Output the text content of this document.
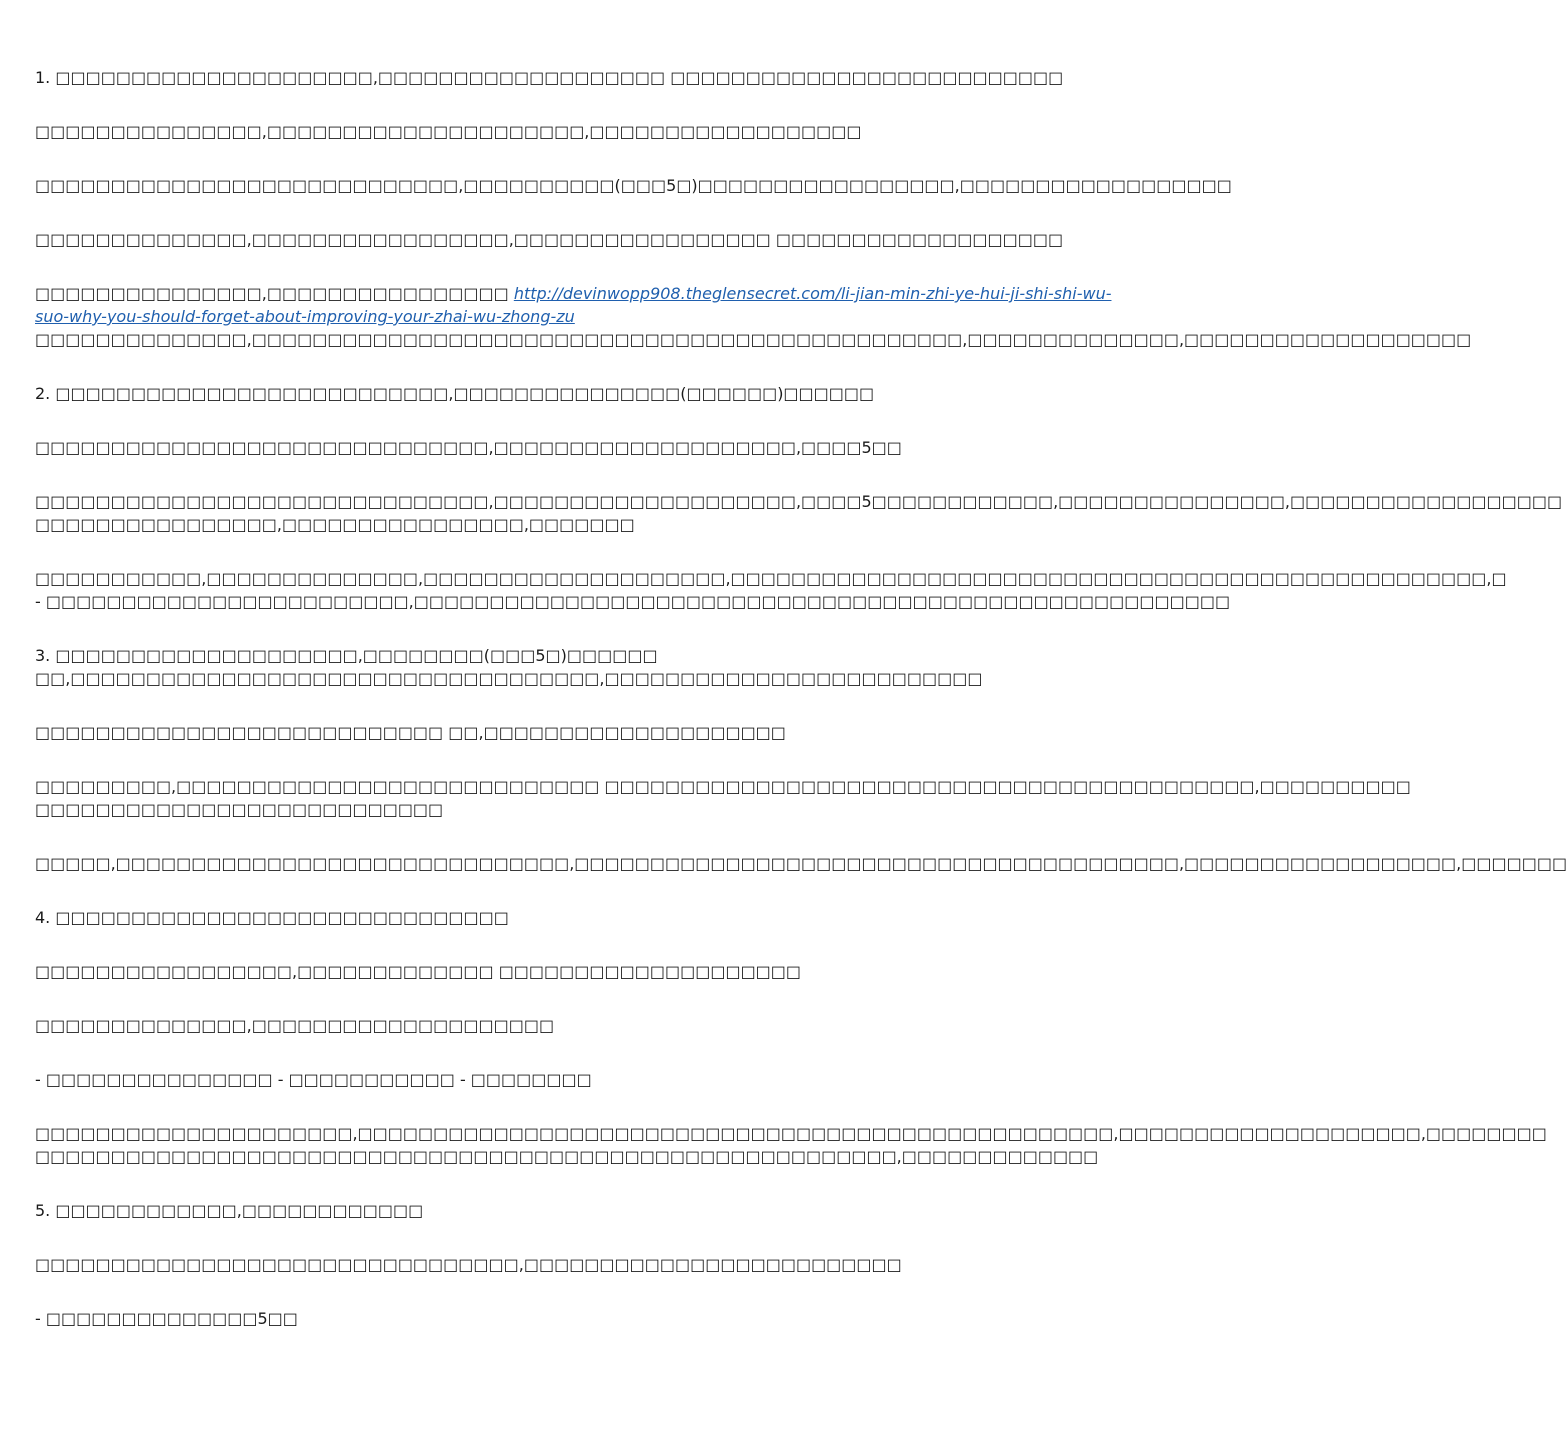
1. □□□□□□□□□□□□□□□□□□□□□,□□□□□□□□□□□□□□□□□□□ □□□□□□□□□□□□□□□□□□□□□□□□□□

□□□□□□□□□□□□□□□,□□□□□□□□□□□□□□□□□□□□□,□□□□□□□□□□□□□□□□□□

□□□□□□□□□□□□□□□□□□□□□□□□□□□□,□□□□□□□□□□(□□□5□)□□□□□□□□□□□□□□□□□,□□□□□□□□□□□□□□□□□□

□□□□□□□□□□□□□□,□□□□□□□□□□□□□□□□□,□□□□□□□□□□□□□□□□□ □□□□□□□□□□□□□□□□□□□

□□□□□□□□□□□□□□□,□□□□□□□□□□□□□□□□ http://devinwopp908.theglensecret.com/li-jian-min-zhi-ye-hui-ji-shi-shi-wu-
suo-why-you-should-forget-about-improving-your-zhai-wu-zhong-zu
□□□□□□□□□□□□□□,□□□□□□□□□□□□□□□□□□□□□□□□□□□□□□□□□□□□□□□□□□□□□□□,□□□□□□□□□□□□□□,□□□□□□□□□□□□□□□□□□□

2. □□□□□□□□□□□□□□□□□□□□□□□□□□,□□□□□□□□□□□□□□□(□□□□□□)□□□□□□

□□□□□□□□□□□□□□□□□□□□□□□□□□□□□□,□□□□□□□□□□□□□□□□□□□□,□□□□5□□

□□□□□□□□□□□□□□□□□□□□□□□□□□□□□□,□□□□□□□□□□□□□□□□□□□□,□□□□5□□□□□□□□□□□□,□□□□□□□□□□□□□□□,□□□□□□□□□□□□□□□□□□
□□□□□□□□□□□□□□□□,□□□□□□□□□□□□□□□□,□□□□□□□

□□□□□□□□□□□,□□□□□□□□□□□□□□,□□□□□□□□□□□□□□□□□□□□,□□□□□□□□□□□□□□□□□□□□□□□□□□□□□□□□□□□□□□□□□□□□□□□□□□,□
- □□□□□□□□□□□□□□□□□□□□□□□□,□□□□□□□□□□□□□□□□□□□□□□□□□□□□□□□□□□□□□□□□□□□□□□□□□□□□□□

3. □□□□□□□□□□□□□□□□□□□□,□□□□□□□□(□□□5□)□□□□□□
□□,□□□□□□□□□□□□□□□□□□□□□□□□□□□□□□□□□□□,□□□□□□□□□□□□□□□□□□□□□□□□□

□□□□□□□□□□□□□□□□□□□□□□□□□□□ □□,□□□□□□□□□□□□□□□□□□□□

□□□□□□□□□,□□□□□□□□□□□□□□□□□□□□□□□□□□□□ □□□□□□□□□□□□□□□□□□□□□□□□□□□□□□□□□□□□□□□□□□□,□□□□□□□□□□
□□□□□□□□□□□□□□□□□□□□□□□□□□□

□□□□□,□□□□□□□□□□□□□□□□□□□□□□□□□□□□□□,□□□□□□□□□□□□□□□□□□□□□□□□□□□□□□□□□□□□□□□□,□□□□□□□□□□□□□□□□□□,□□□□□□□

4. □□□□□□□□□□□□□□□□□□□□□□□□□□□□□□

□□□□□□□□□□□□□□□□□,□□□□□□□□□□□□□ □□□□□□□□□□□□□□□□□□□□

□□□□□□□□□□□□□□,□□□□□□□□□□□□□□□□□□□□

- □□□□□□□□□□□□□□□ - □□□□□□□□□□□ - □□□□□□□□

□□□□□□□□□□□□□□□□□□□□□,□□□□□□□□□□□□□□□□□□□□□□□□□□□□□□□□□□□□□□□□□□□□□□□□□□,□□□□□□□□□□□□□□□□□□□□,□□□□□□□□
□□□□□□□□□□□□□□□□□□□□□□□□□□□□□□□□□□□□□□□□□□□□□□□□□□□□□□□□□,□□□□□□□□□□□□□

5. □□□□□□□□□□□□,□□□□□□□□□□□□

□□□□□□□□□□□□□□□□□□□□□□□□□□□□□□□□,□□□□□□□□□□□□□□□□□□□□□□□□□

- □□□□□□□□□□□□□□5□□
